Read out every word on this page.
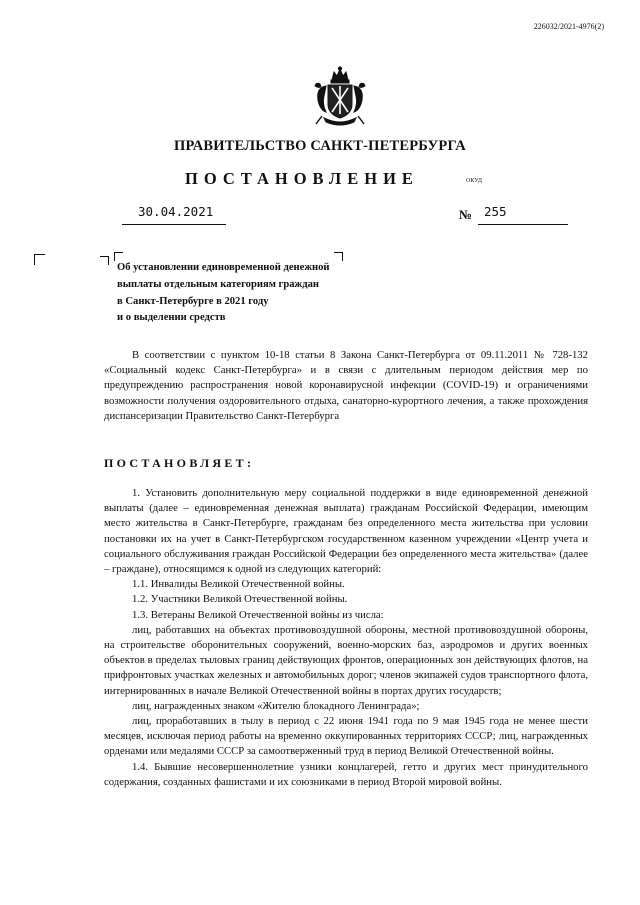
226032/2021-4976(2)
ПРАВИТЕЛЬСТВО САНКТ-ПЕТЕРБУРГА
ПОСТАНОВЛЕНИЕ	ОКУД
30.04.2021	№ 255
Об установлении единовременной денежной
выплаты отдельным категориям граждан
в Санкт-Петербурге в 2021 году
и о выделении средств

В соответствии с пунктом 10-18 статьи 8 Закона Санкт-Петербурга от 09.11.2011 № 728-132 «Социальный кодекс Санкт-Петербурга» и в связи с длительным периодом действия мер по предупреждению распространения новой коронавирусной инфекции (COVID-19) и ограничениями возможности получения оздоровительного отдыха, санаторно-курортного лечения, а также прохождения диспансеризации Правительство Санкт-Петербурга

ПОСТАНОВЛЯЕТ:

1. Установить дополнительную меру социальной поддержки в виде единовременной денежной выплаты (далее – единовременная денежная выплата) гражданам Российской Федерации, имеющим место жительства в Санкт-Петербурге, гражданам без определенного места жительства при условии постановки их на учет в Санкт-Петербургском государственном казенном учреждении «Центр учета и социального обслуживания граждан Российской Федерации без определенного места жительства» (далее – граждане), относящимся к одной из следующих категорий:

1.1. Инвалиды Великой Отечественной войны.

1.2. Участники Великой Отечественной войны.

1.3. Ветераны Великой Отечественной войны из числа:

лиц, работавших на объектах противовоздушной обороны, местной противовоздушной обороны, на строительстве оборонительных сооружений, военно-морских баз, аэродромов и других военных объектов в пределах тыловых границ действующих фронтов, операционных зон действующих флотов, на прифронтовых участках железных и автомобильных дорог; членов экипажей судов транспортного флота, интернированных в начале Великой Отечественной войны в портах других государств;

лиц, награжденных знаком «Жителю блокадного Ленинграда»;

лиц, проработавших в тылу в период с 22 июня 1941 года по 9 мая 1945 года не менее шести месяцев, исключая период работы на временно оккупированных территориях СССР; лиц, награжденных орденами или медалями СССР за самоотверженный труд в период Великой Отечественной войны.

1.4. Бывшие несовершеннолетние узники концлагерей, гетто и других мест принудительного содержания, созданных фашистами и их союзниками в период Второй мировой войны.
